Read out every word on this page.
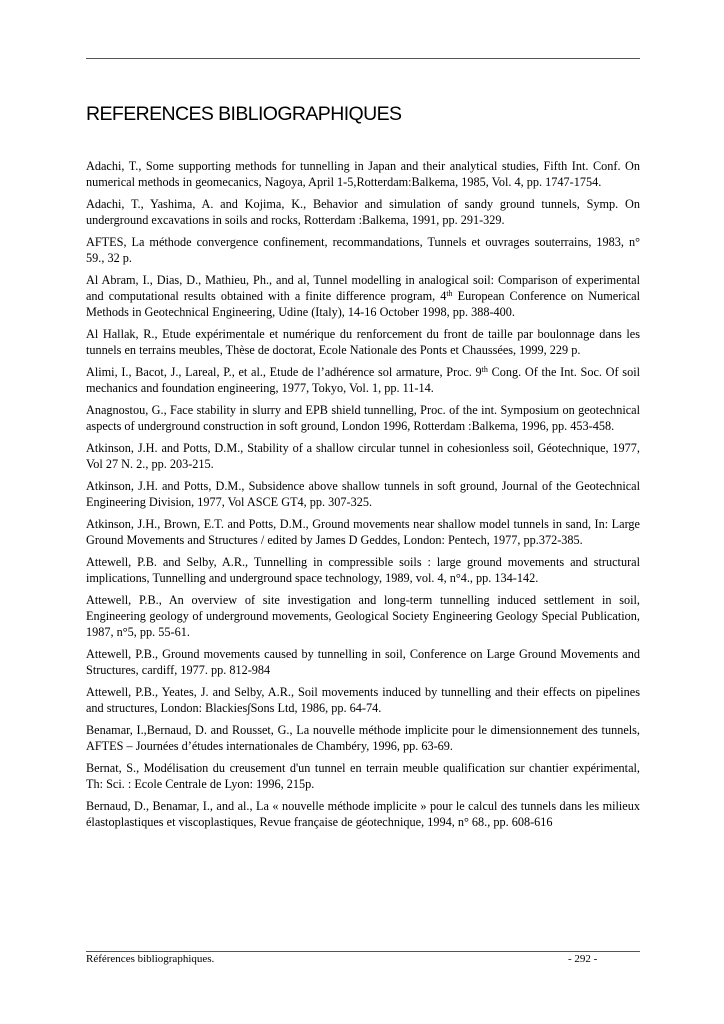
REFERENCES BIBLIOGRAPHIQUES
Adachi, T., Some supporting methods for tunnelling in Japan and their analytical studies, Fifth Int. Conf. On numerical methods in geomecanics, Nagoya, April 1-5,Rotterdam:Balkema, 1985, Vol. 4, pp. 1747-1754.
Adachi, T., Yashima, A. and Kojima, K., Behavior and simulation of sandy ground tunnels, Symp. On underground excavations in soils and rocks, Rotterdam :Balkema, 1991, pp. 291-329.
AFTES, La méthode convergence confinement, recommandations, Tunnels et ouvrages souterrains, 1983, n° 59., 32 p.
Al Abram, I., Dias, D., Mathieu, Ph., and al, Tunnel modelling in analogical soil: Comparison of experimental and computational results obtained with a finite difference program, 4th European Conference on Numerical Methods in Geotechnical Engineering, Udine (Italy), 14-16 October 1998, pp. 388-400.
Al Hallak, R., Etude expérimentale et numérique du renforcement du front de taille par boulonnage dans les tunnels en terrains meubles, Thèse de doctorat, Ecole Nationale des Ponts et Chaussées, 1999, 229 p.
Alimi, I., Bacot, J., Lareal, P., et al., Etude de l’adhérence sol armature, Proc. 9th Cong. Of the Int. Soc. Of soil mechanics and foundation engineering, 1977, Tokyo, Vol. 1, pp. 11-14.
Anagnostou, G., Face stability in slurry and EPB shield tunnelling, Proc. of the int. Symposium on geotechnical aspects of underground construction in soft ground, London 1996, Rotterdam :Balkema, 1996, pp. 453-458.
Atkinson, J.H. and Potts, D.M., Stability of a shallow circular tunnel in cohesionless soil, Géotechnique, 1977, Vol 27 N. 2., pp. 203-215.
Atkinson, J.H. and Potts, D.M., Subsidence above shallow tunnels in soft ground, Journal of the Geotechnical Engineering Division, 1977, Vol ASCE GT4, pp. 307-325.
Atkinson, J.H., Brown, E.T. and Potts, D.M., Ground movements near shallow model tunnels in sand, In: Large Ground Movements and Structures / edited by James D Geddes, London: Pentech, 1977, pp.372-385.
Attewell, P.B. and Selby, A.R., Tunnelling in compressible soils : large ground movements and structural implications, Tunnelling and underground space technology, 1989, vol. 4, n°4., pp. 134-142.
Attewell, P.B., An overview of site investigation and long-term tunnelling induced settlement in soil, Engineering geology of underground movements, Geological Society Engineering Geology Special Publication, 1987, n°5, pp. 55-61.
Attewell, P.B., Ground movements caused by tunnelling in soil, Conference on Large Ground Movements and Structures, cardiff, 1977. pp. 812-984
Attewell, P.B., Yeates, J. and Selby, A.R., Soil movements induced by tunnelling and their effects on pipelines and structures, London: Blackies∫Sons Ltd, 1986, pp. 64-74.
Benamar, I.,Bernaud, D. and Rousset, G., La nouvelle méthode implicite pour le dimensionnement des tunnels, AFTES – Journées d’études internationales de Chambéry, 1996, pp. 63-69.
Bernat, S., Modélisation du creusement d'un tunnel en terrain meuble qualification sur chantier expérimental, Th: Sci. : Ecole Centrale de Lyon: 1996, 215p.
Bernaud, D., Benamar, I., and al., La « nouvelle méthode implicite » pour le calcul des tunnels dans les milieux élastoplastiques et viscoplastiques, Revue française de géotechnique, 1994, n° 68., pp. 608-616
Références bibliographiques.	- 292 -
